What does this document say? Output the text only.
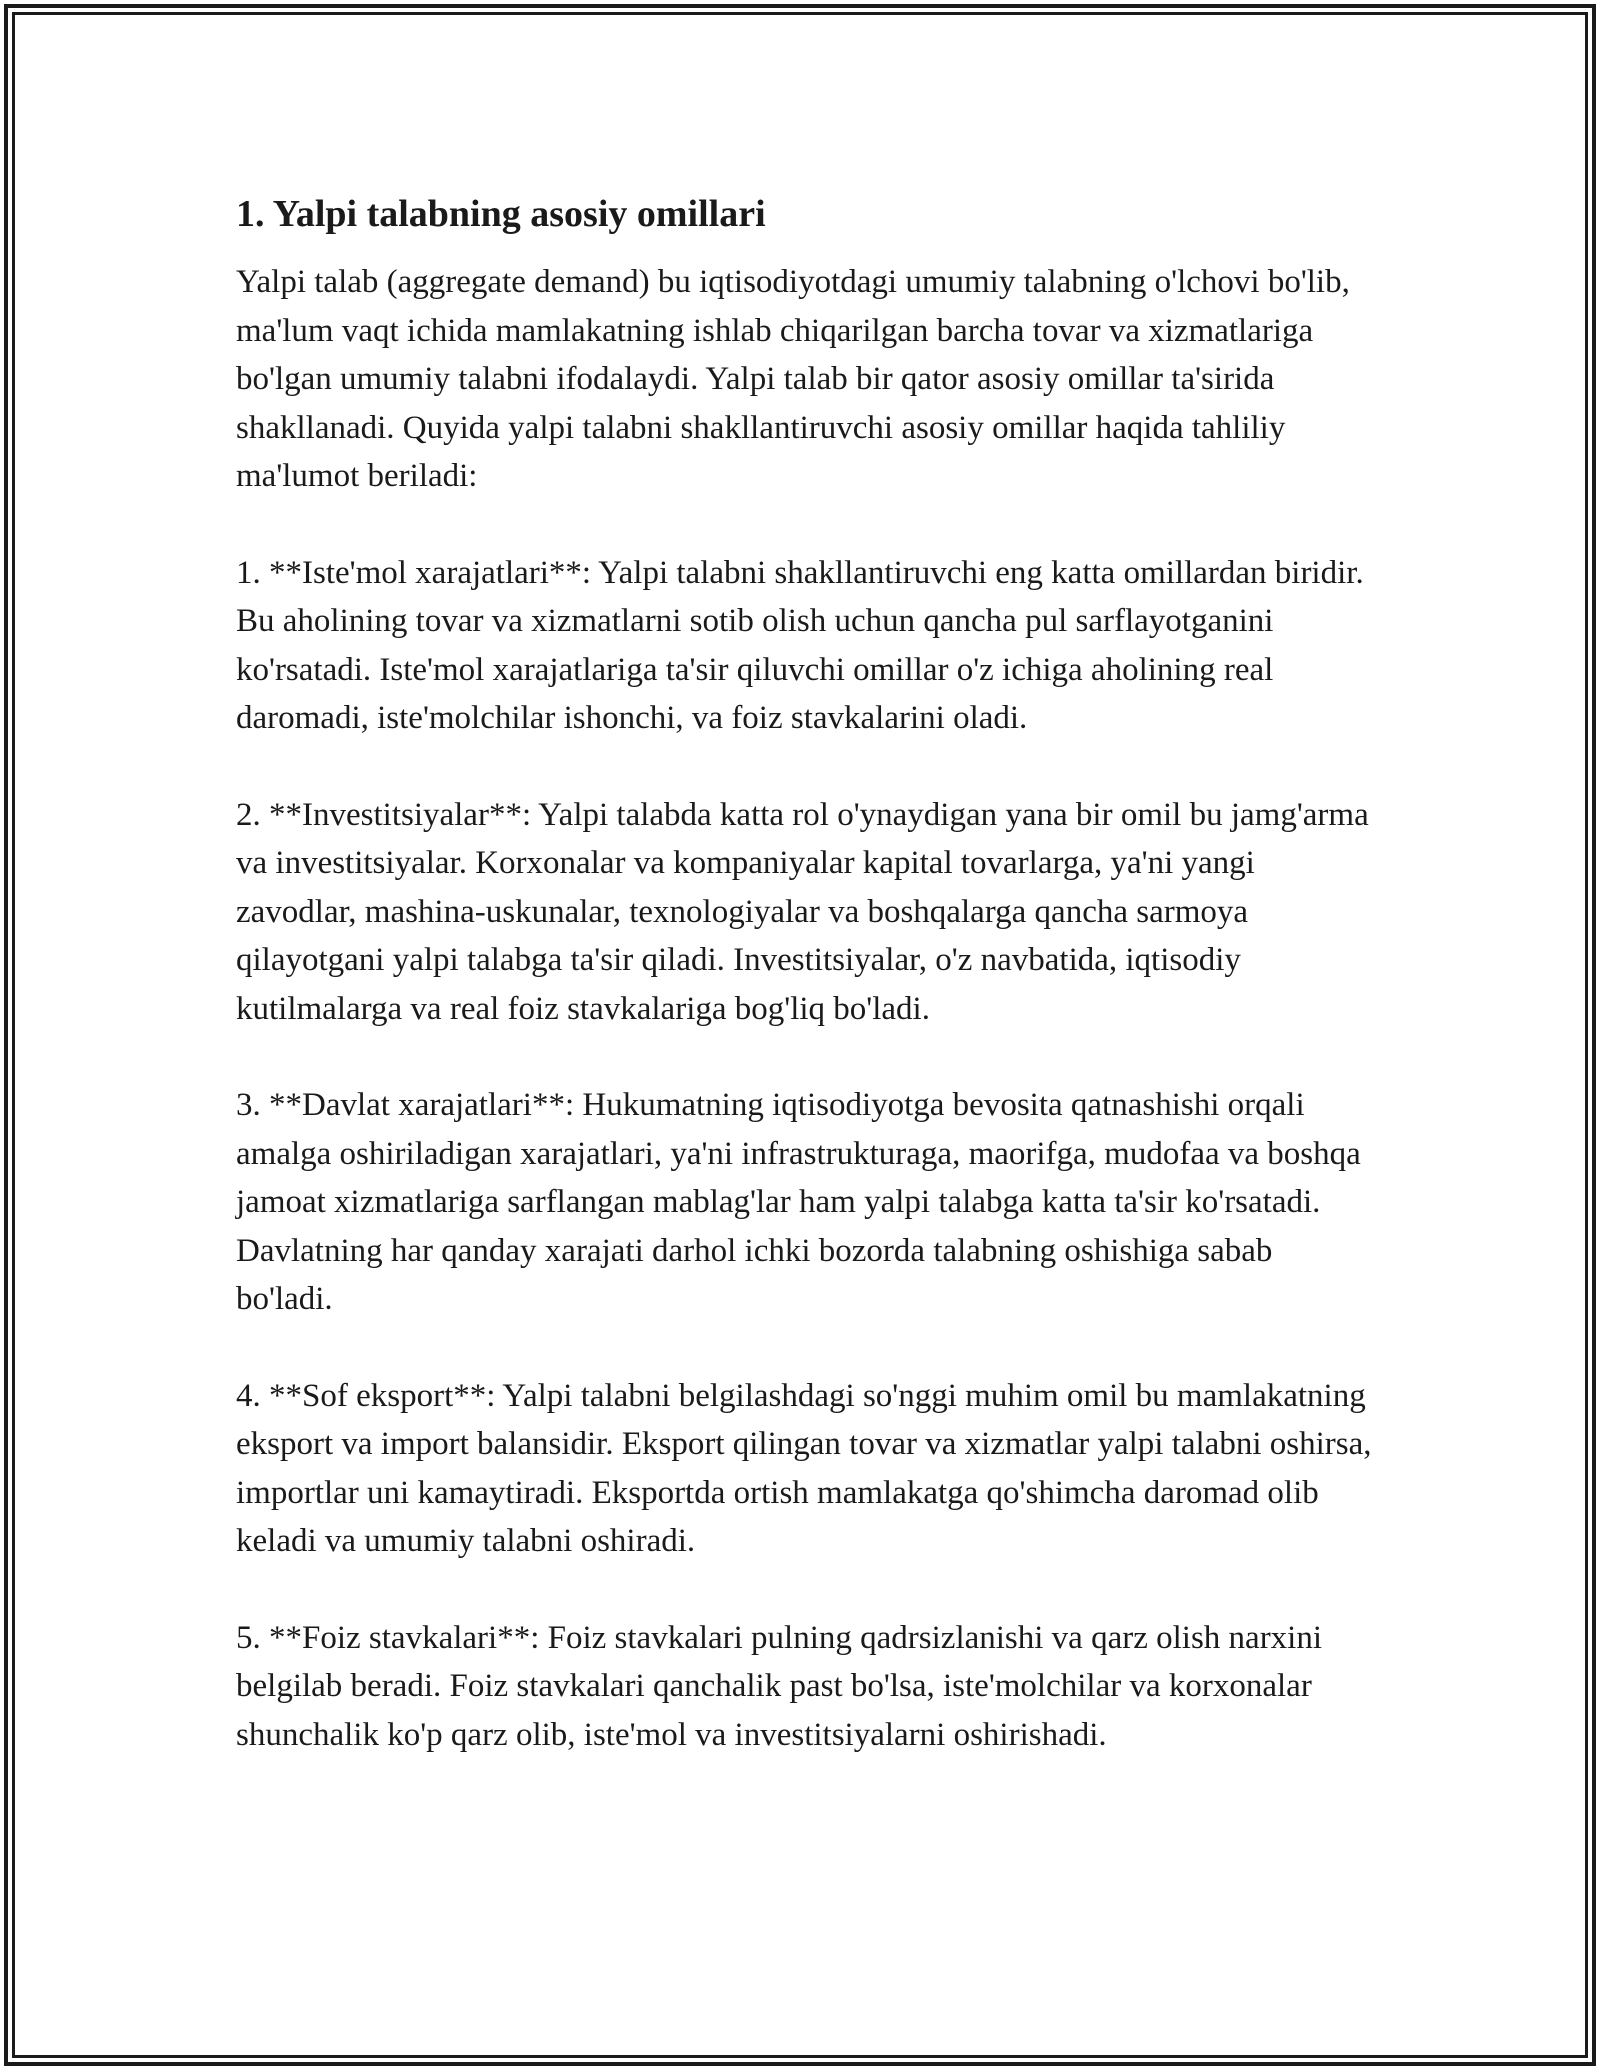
1. Yalpi talabning asosiy omillari

Yalpi talab (aggregate demand) bu iqtisodiyotdagi umumiy talabning o'lchovi bo'lib, ma'lum vaqt ichida mamlakatning ishlab chiqarilgan barcha tovar va xizmatlariga bo'lgan umumiy talabni ifodalaydi. Yalpi talab bir qator asosiy omillar ta'sirida shakllanadi. Quyida yalpi talabni shakllantiruvchi asosiy omillar haqida tahliliy ma'lumot beriladi:

1. **Iste'mol xarajatlari**: Yalpi talabni shakllantiruvchi eng katta omillardan biridir. Bu aholining tovar va xizmatlarni sotib olish uchun qancha pul sarflayotganini ko'rsatadi. Iste'mol xarajatlariga ta'sir qiluvchi omillar o'z ichiga aholining real daromadi, iste'molchilar ishonchi, va foiz stavkalarini oladi.

2. **Investitsiyalar**: Yalpi talabda katta rol o'ynaydigan yana bir omil bu jamg'arma va investitsiyalar. Korxonalar va kompaniyalar kapital tovarlarga, ya'ni yangi zavodlar, mashina-uskunalar, texnologiyalar va boshqalarga qancha sarmoya qilayotgani yalpi talabga ta'sir qiladi. Investitsiyalar, o'z navbatida, iqtisodiy kutilmalarga va real foiz stavkalariga bog'liq bo'ladi.

3. **Davlat xarajatlari**: Hukumatning iqtisodiyotga bevosita qatnashishi orqali amalga oshiriladigan xarajatlari, ya'ni infrastrukturaga, maorifga, mudofaa va boshqa jamoat xizmatlariga sarflangan mablag'lar ham yalpi talabga katta ta'sir ko'rsatadi. Davlatning har qanday xarajati darhol ichki bozorda talabning oshishiga sabab bo'ladi.

4. **Sof eksport**: Yalpi talabni belgilashdagi so'nggi muhim omil bu mamlakatning eksport va import balansidir. Eksport qilingan tovar va xizmatlar yalpi talabni oshirsa, importlar uni kamaytiradi. Eksportda ortish mamlakatga qo'shimcha daromad olib keladi va umumiy talabni oshiradi.

5. **Foiz stavkalari**: Foiz stavkalari pulning qadrsizlanishi va qarz olish narxini belgilab beradi. Foiz stavkalari qanchalik past bo'lsa, iste'molchilar va korxonalar shunchalik ko'p qarz olib, iste'mol va investitsiyalarni oshirishadi.
